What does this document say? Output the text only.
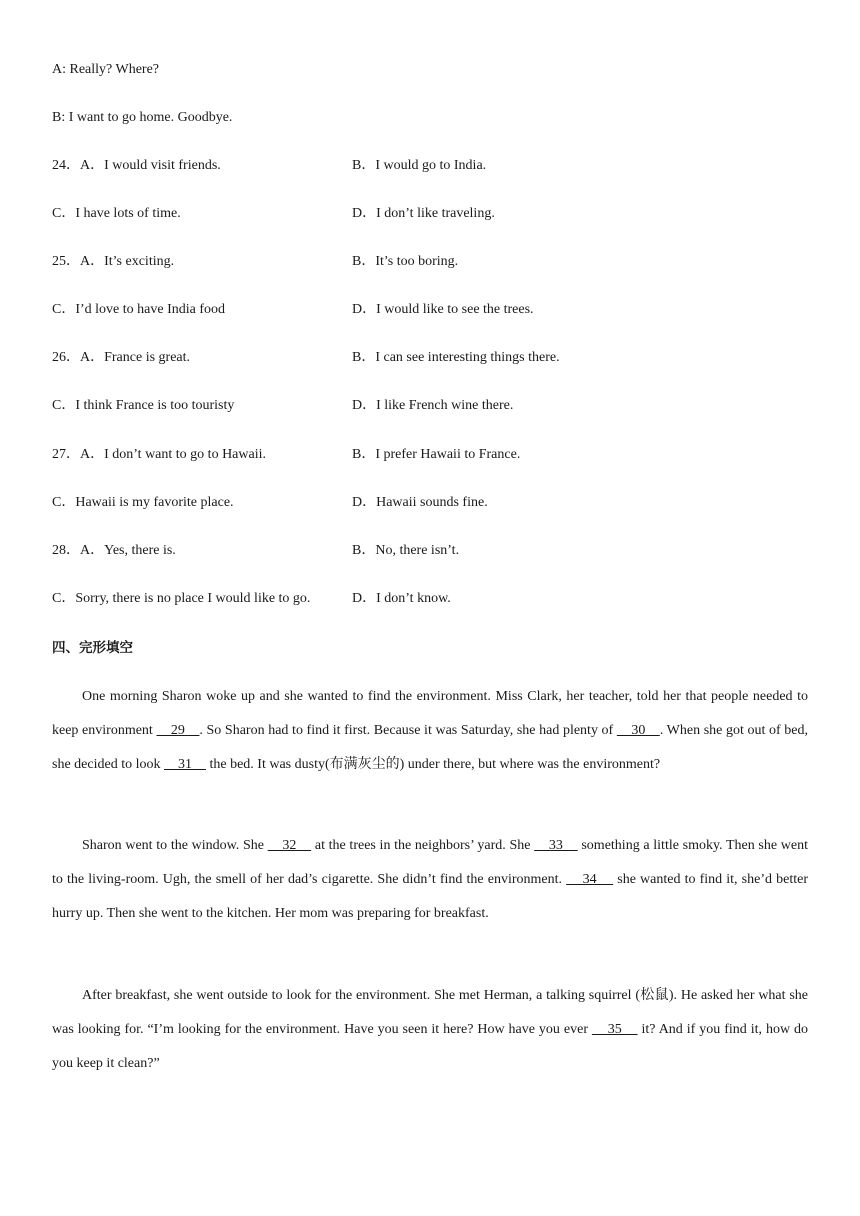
A: Really? Where?
B: I want to go home. Goodbye.
24．A．I would visit friends.	B．I would go to India.
C．I have lots of time.	D．I don’t like traveling.
25．A．It’s exciting.	B．It’s too boring.
C．I’d love to have India food	D．I would like to see the trees.
26．A．France is great.	B．I can see interesting things there.
C．I think France is too touristy	D．I like French wine there.
27．A．I don’t want to go to Hawaii.	B．I prefer Hawaii to France.
C．Hawaii is my favorite place.	D．Hawaii sounds fine.
28．A．Yes, there is.	B．No, there isn’t.
C．Sorry, there is no place I would like to go.	D．I don’t know.
四、完形填空

One morning Sharon woke up and she wanted to find the environment. Miss Clark, her teacher, told her that people needed to keep environment     29    . So Sharon had to find it first. Because it was Saturday, she had plenty of     30    . When she got out of bed, she decided to look     31     the bed. It was dusty(布满灰尘的) under there, but where was the environment?

Sharon went to the window. She     32     at the trees in the neighbors’ yard. She     33     something a little smoky. Then she went to the living-room. Ugh, the smell of her dad’s cigarette. She didn’t find the environment.     34     she wanted to find it, she’d better hurry up. Then she went to the kitchen. Her mom was preparing for breakfast.

After breakfast, she went outside to look for the environment. She met Herman, a talking squirrel (松鼠). He asked her what she was looking for. “I’m looking for the environment. Have you seen it here? How have you ever     35     it? And if you find it, how do you keep it clean?”
